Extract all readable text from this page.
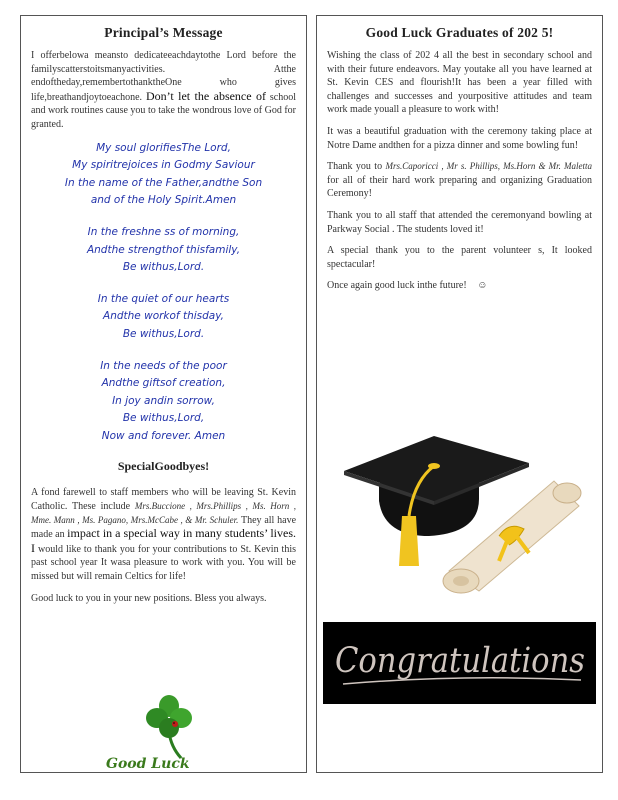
Principal’s Message

I offerbelowa meansto dedicateeachdaytothe Lord before the familyscatterstoitsmanyactivities. Atthe endoftheday,remembertothanktheOne who gives life,breathandjoytoeachone. Don’t let the absence of school and work routines cause you to take the wondrous love of God for granted.

My soul glorifiesThe Lord,
My spiritrejoices in Godmy Saviour
In the name of the Father,andthe Son
and of the Holy Spirit.Amen
In the freshne ss of morning,
Andthe strengthof thisfamily,
Be withus,Lord.
In the quiet of our hearts
Andthe workof thisday,
Be withus,Lord.
In the needs of the poor
Andthe giftsof creation,
In joy andin sorrow,
Be withus,Lord,
Now and forever. Amen
SpecialGoodbyes!

A fond farewell to staff members who will be leaving St. Kevin Catholic. These include Mrs.Buccione , Mrs.Phillips , Ms. Horn , Mme. Mann , Ms. Pagano, Mrs.McCabe , & Mr. Schuler. They all have made an impact in a special way in many students’ lives. I would like to thank you for your contributions to St. Kevin this past school year It wasa pleasure to work with you. You will be missed but will remain Celtics for life!

Good luck to you in your new positions. Bless you always.

Good Luck
Good Luck Graduates of 202 5!

Wishing the class of 202 4 all the best in secondary school and with their future endeavors. May youtake all you have learned at St. Kevin CES and flourish!It has been a year filled with challenges and successes and yourpositive attitudes and team work made youall a pleasure to work with!

It was a beautiful graduation with the ceremony taking place at Notre Dame andthen for a pizza dinner and some bowling fun!

Thank you to Mrs.Caporicci , Mr s. Phillips, Ms.Horn & Mr. Maletta for all of their hard work preparing and organizing Graduation Ceremony!

Thank you to all staff that attended the ceremonyand bowling at Parkway Social . The students loved it!

A special thank you to the parent volunteer s, It looked spectacular!

Once again good luck inthe future! ☺

Congratulations
